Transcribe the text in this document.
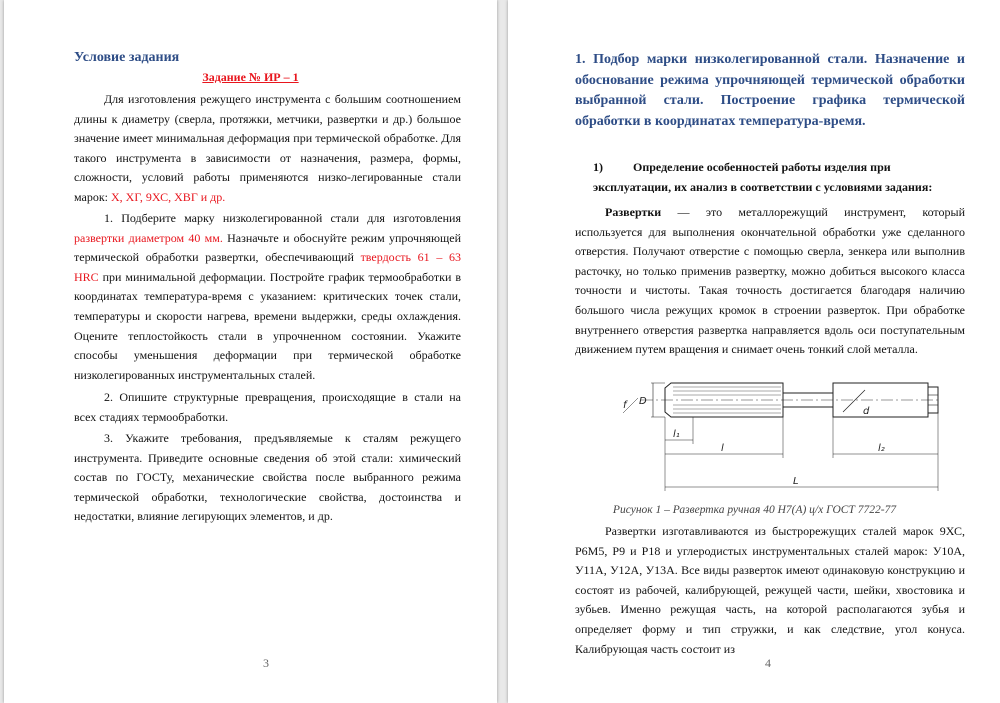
Условие задания
Задание № ИР – 1

Для изготовления режущего инструмента с большим соотношением длины к диаметру (сверла, протяжки, метчики, развертки и др.) большое значение имеет минимальная деформация при термической обработке. Для такого инструмента в зависимости от назначения, размера, формы, сложности, условий работы применяются низко-легированные стали марок: Х, ХГ, 9ХС, ХВГ и др.

1. Подберите марку низколегированной стали для изготовления развертки диаметром 40 мм. Назначьте и обоснуйте режим упрочняющей термической обработки развертки, обеспечивающий твердость 61 – 63 HRC при минимальной деформации. Постройте график термообработки в координатах температура-время с указанием: критических точек стали, температуры и скорости нагрева, времени выдержки, среды охлаждения. Оцените теплостойкость стали в упрочненном состоянии. Укажите способы уменьшения деформации при термической обработке низколегированных инструментальных сталей.

2. Опишите структурные превращения, происходящие в стали на всех стадиях термообработки.

3. Укажите требования, предъявляемые к сталям режущего инструмента. Приведите основные сведения об этой стали: химический состав по ГОСТу, механические свойства после выбранного режима термической обработки, технологические свойства, достоинства и недостатки, влияние легирующих элементов, и др.

3
1. Подбор марки низколегированной стали. Назначение и обоснование режима упрочняющей термической обработки выбранной стали. Построение графика термической обработки в координатах температура-время.
1)	Определение особенностей работы изделия при эксплуатации, их анализ в соответствии с условиями задания:

Развертки — это металлорежущий инструмент, который используется для выполнения окончательной обработки уже сделанного отверстия. Получают отверстие с помощью сверла, зенкера или выполнив расточку, но только применив развертку, можно добиться высокого класса точности и чистоты. Такая точность достигается благодаря наличию большого числа режущих кромок в строении разверток. При обработке внутреннего отверстия развертка направляется вдоль оси поступательным движением путем вращения и снимает очень тонкий слой металла.

D
f
d
l₁
l	l₂
L
Рисунок 1 – Развертка ручная 40 Н7(А) ц/х ГОСТ 7722-77

Развертки изготавливаются из быстрорежущих сталей марок 9ХС, Р6М5, Р9 и Р18 и углеродистых инструментальных сталей марок: У10А, У11А, У12А, У13А. Все виды разверток имеют одинаковую конструкцию и состоят из рабочей, калибрующей, режущей части, шейки, хвостовика и зубьев. Именно режущая часть, на которой располагаются зубья и определяет форму и тип стружки, и как следствие, угол конуса. Калибрующая часть состоит из

4
